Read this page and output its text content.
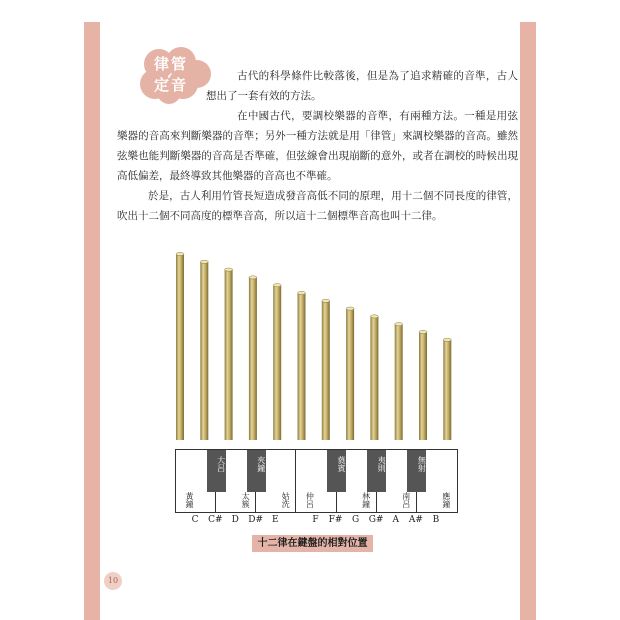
律管
定音	古代的科學條件比較落後，但是為了追求精確的音準，古人想出了一套有效的方法。

在中國古代，要調校樂器的音準，有兩種方法。一種是用弦樂器的音高來判斷樂器的音準；另外一種方法就是用「律管」來調校樂器的音高。雖然弦樂也能判斷樂器的音高是否準確，但弦線會出現崩斷的意外，或者在調校的時候出現高低偏差，最終導致其他樂器的音高也不準確。

於是，古人利用竹管長短造成發音高低不同的原理，用十二個不同長度的律管，吹出十二個不同高度的標準音高，所以這十二個標準音高也叫十二律。

黃鐘	太簇	姑洗 仲呂	林鐘	南呂	應鐘
大呂	夾鐘	蕤賓	夷則	無射
C	C#	D	D#	E	F	F#	G	G#	A	A#	B
十二律在鍵盤的相對位置
10
